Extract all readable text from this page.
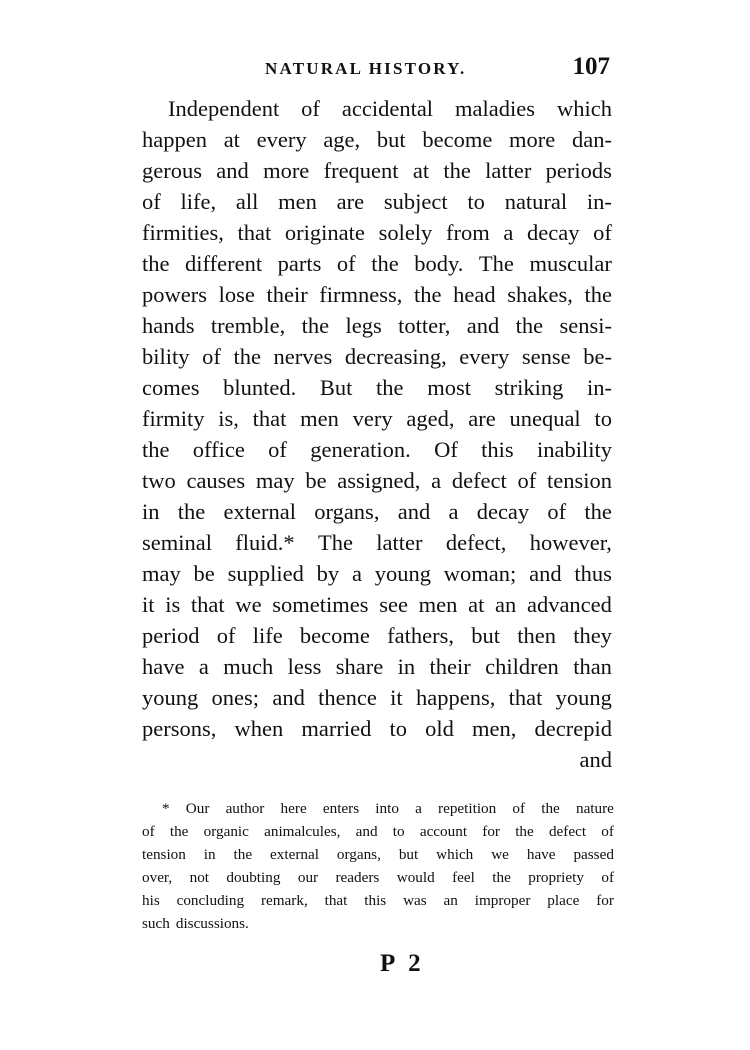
NATURAL HISTORY.	107
Independent of accidental maladies which
happen at every age, but become more dan-
gerous and more frequent at the latter periods
of life, all men are subject to natural in-
firmities, that originate solely from a decay of
the different parts of the body. The muscular
powers lose their firmness, the head shakes, the
hands tremble, the legs totter, and the sensi-
bility of the nerves decreasing, every sense be-
comes blunted. But the most striking in-
firmity is, that men very aged, are unequal to
the office of generation. Of this inability
two causes may be assigned, a defect of tension
in the external organs, and a decay of the
seminal fluid.* The latter defect, however,
may be supplied by a young woman; and thus
it is that we sometimes see men at an advanced
period of life become fathers, but then they
have a much less share in their children than
young ones; and thence it happens, that young
persons, when married to old men, decrepid
and
* Our author here enters into a repetition of the nature
of the organic animalcules, and to account for the defect of
tension in the external organs, but which we have passed
over, not doubting our readers would feel the propriety of
his concluding remark, that this was an improper place for
such discussions.
P 2
